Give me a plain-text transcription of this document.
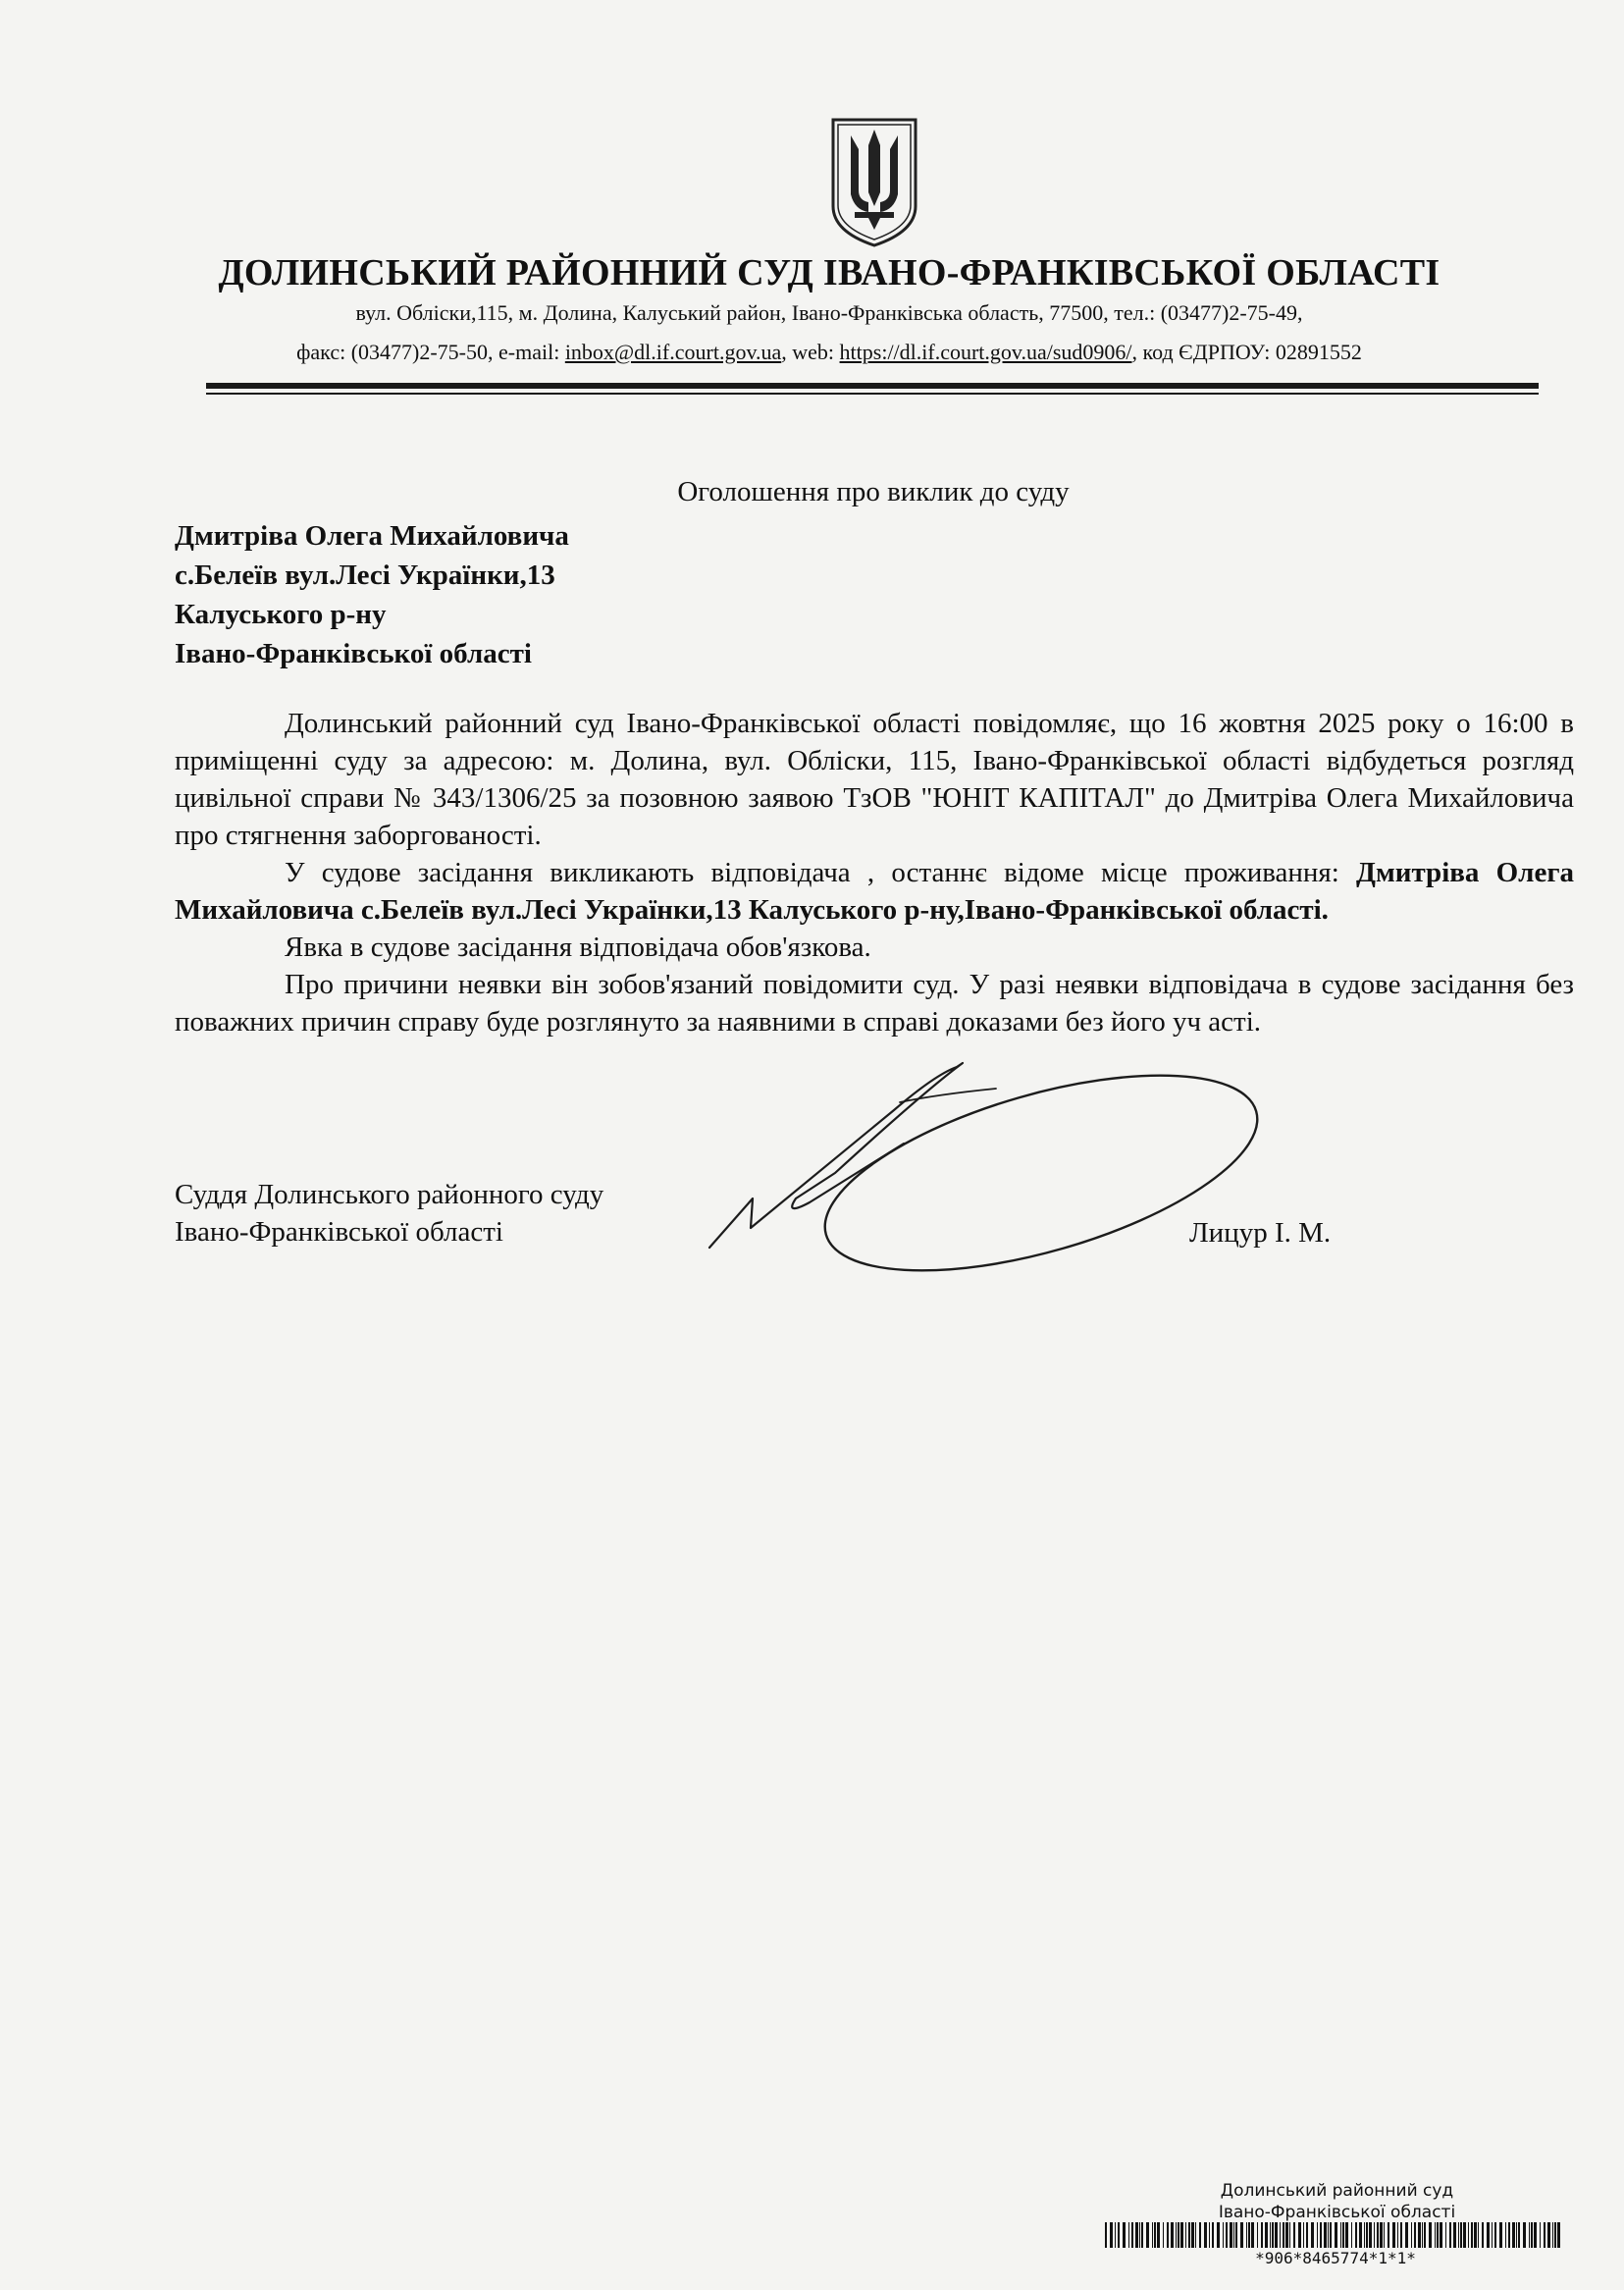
ДОЛИНСЬКИЙ РАЙОННИЙ СУД ІВАНО-ФРАНКІВСЬКОЇ ОБЛАСТІ
вул. Обліски,115, м. Долина, Калуський район, Івано-Франківська область, 77500, тел.: (03477)2-75-49,
факс: (03477)2-75-50, e-mail: inbox@dl.if.court.gov.ua, web: https://dl.if.court.gov.ua/sud0906/, код ЄДРПОУ: 02891552
Оголошення про виклик до суду
Дмитріва Олега Михайловича
с.Белеїв вул.Лесі Українки,13
Калуського р-ну
Івано-Франківської області

Долинський районний суд Івано-Франківської області повідомляє, що 16 жовтня 2025 року о 16:00 в приміщенні суду за адресою: м. Долина, вул. Обліски, 115, Івано-Франківської області відбудеться розгляд цивільної справи № 343/1306/25 за позовною заявою ТзОВ "ЮНІТ КАПІТАЛ" до Дмитріва Олега Михайловича про стягнення заборгованості.

У судове засідання викликають відповідача , останнє відоме місце проживання: Дмитріва Олега Михайловича с.Белеїв вул.Лесі Українки,13 Калуського р-ну,Івано-Франківської області.

Явка в судове засідання відповідача обов'язкова.

Про причини неявки він зобов'язаний повідомити суд. У разі неявки відповідача в судове засідання без поважних причин справу буде розглянуто за наявними в справі доказами без його уч асті.

Суддя Долинського районного суду
Івано-Франківської області	Лицур І. М.
Долинський районний суд
Івано-Франківської області
*906*8465774*1*1*
